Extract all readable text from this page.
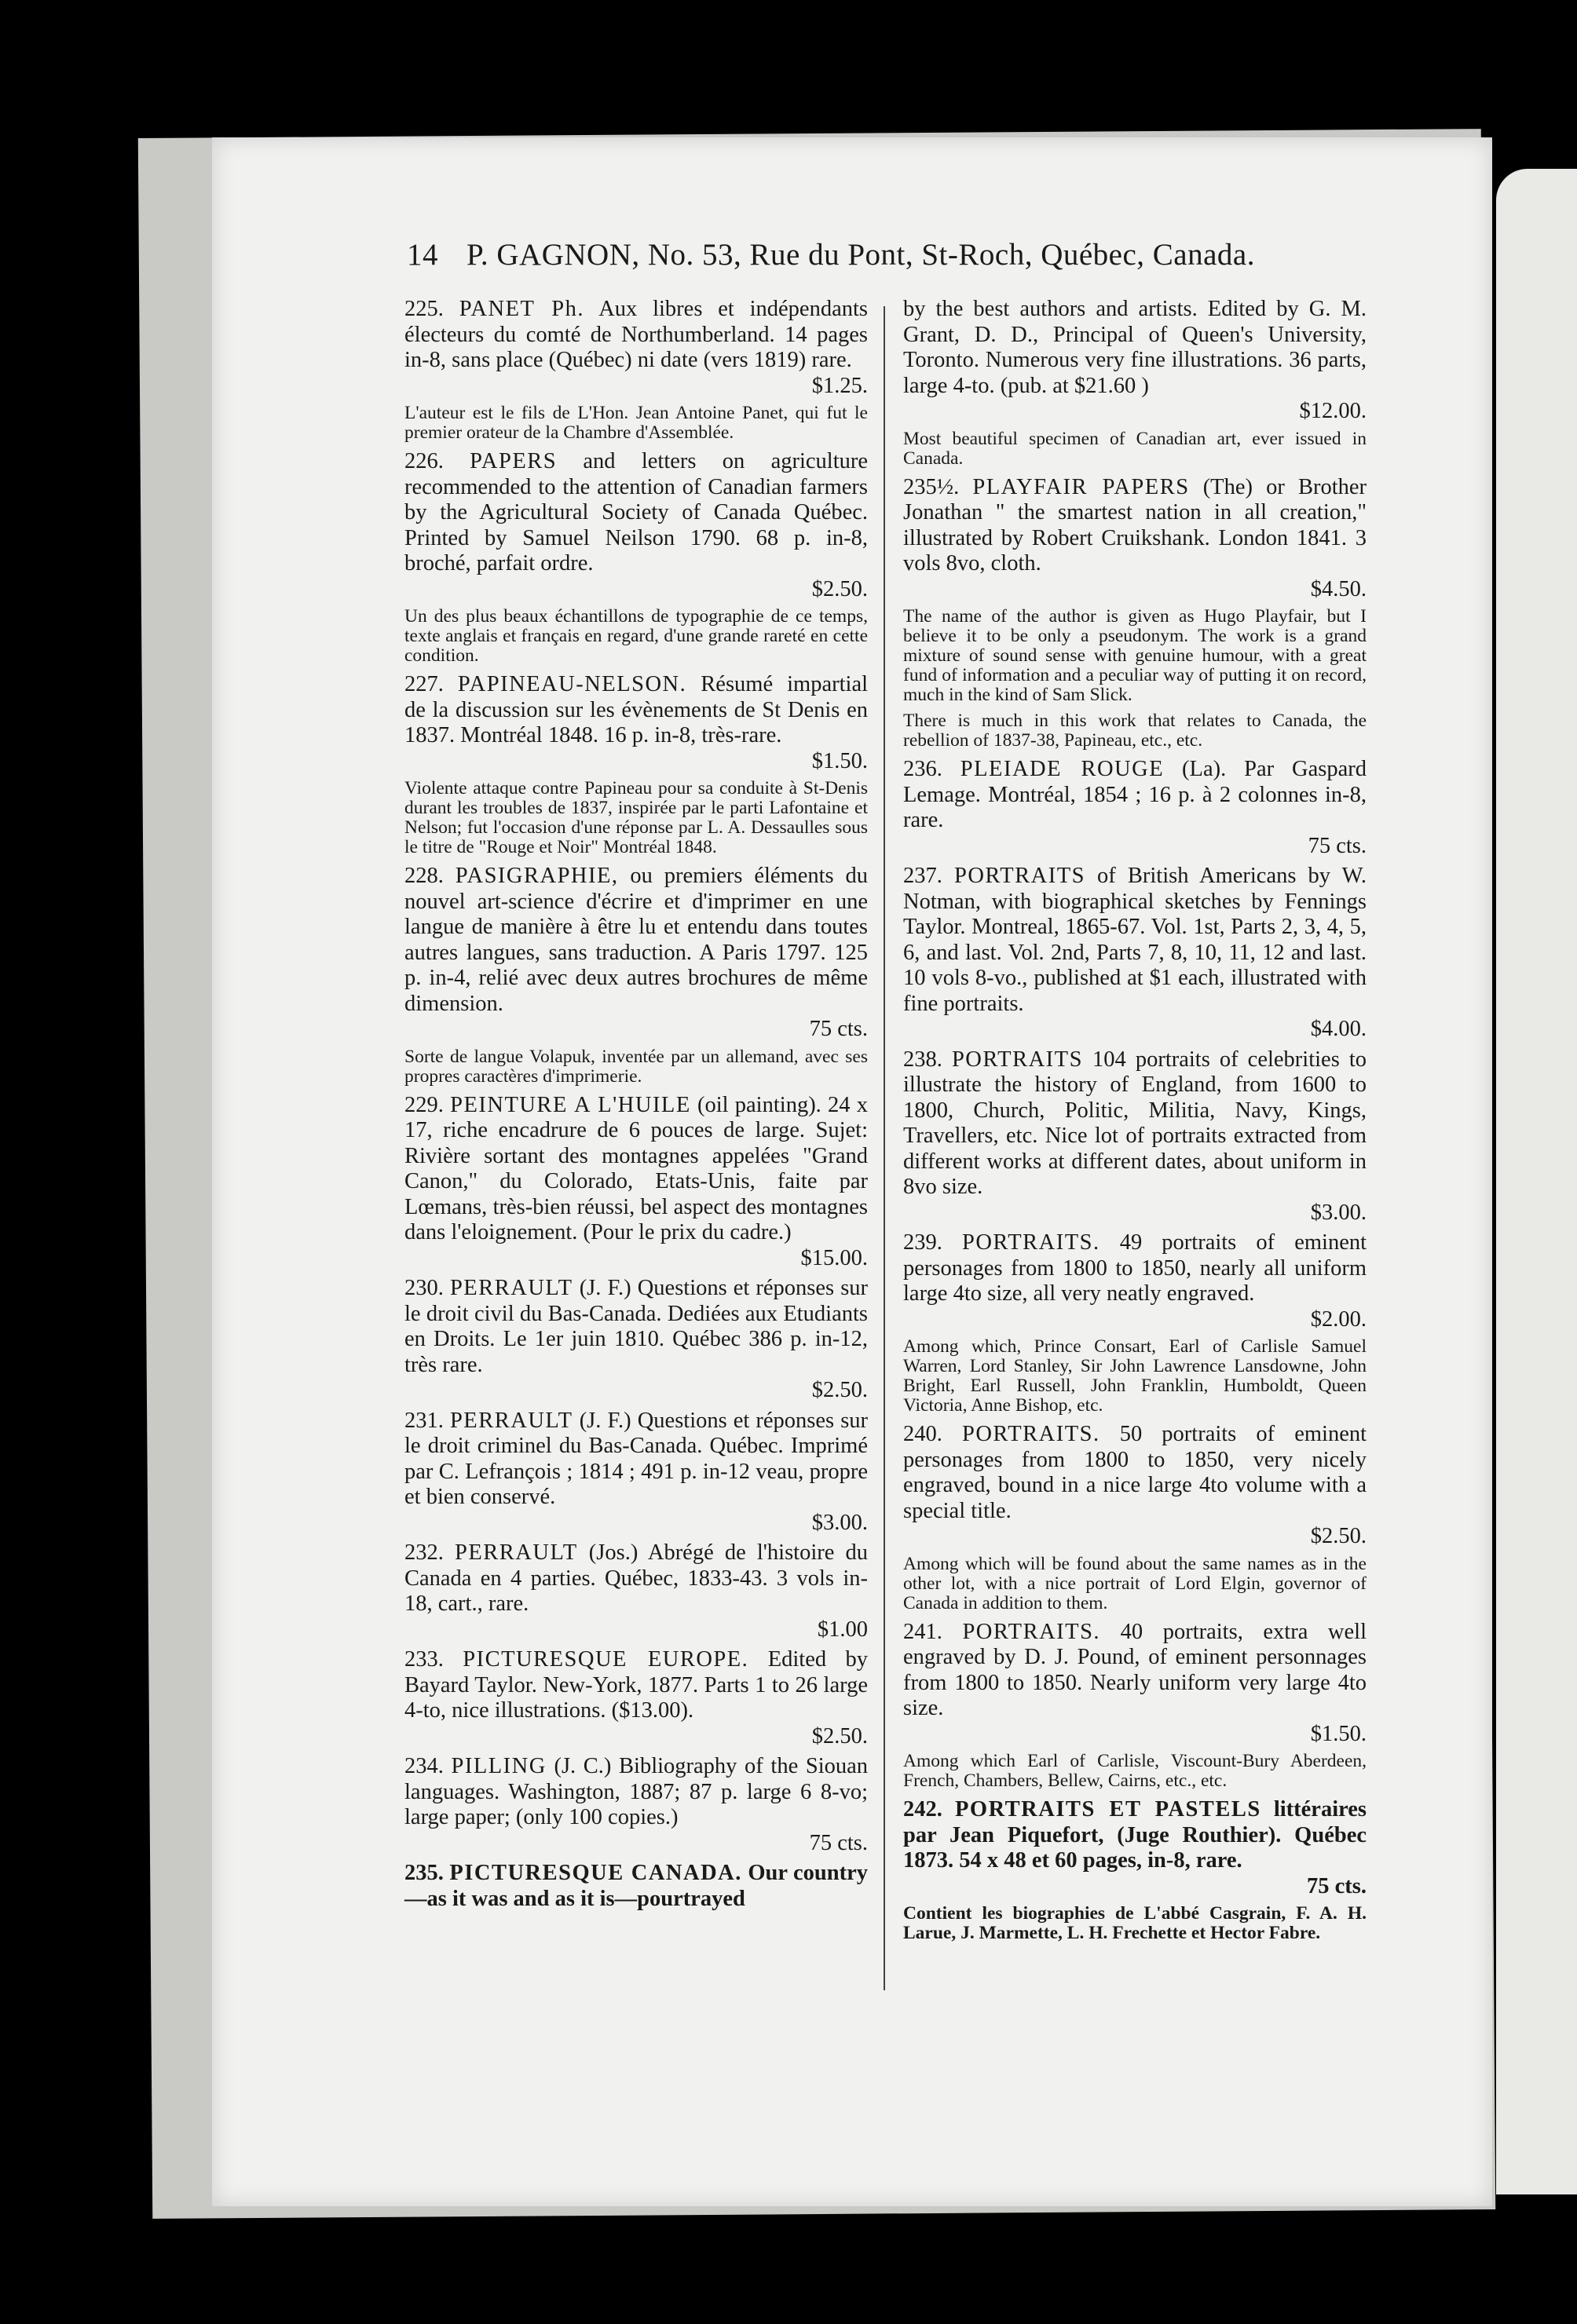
14 P. GAGNON, No. 53, Rue du Pont, St-Roch, Québec, Canada.

225. PANET Ph. Aux libres et indépendants électeurs du comté de Northumberland. 14 pages in-8, sans place (Québec) ni date (vers 1819) rare.
$1.25.

L'auteur est le fils de L'Hon. Jean Antoine Panet, qui fut le premier orateur de la Chambre d'Assemblée.

226. PAPERS and letters on agriculture recommended to the attention of Canadian farmers by the Agricultural Society of Canada Québec. Printed by Samuel Neilson 1790. 68 p. in-8, broché, parfait ordre.
$2.50.

Un des plus beaux échantillons de typographie de ce temps, texte anglais et français en regard, d'une grande rareté en cette condition.

227. PAPINEAU-NELSON. Résumé impartial de la discussion sur les évènements de St Denis en 1837. Montréal 1848. 16 p. in-8, très-rare.
$1.50.

Violente attaque contre Papineau pour sa conduite à St-Denis durant les troubles de 1837, inspirée par le parti Lafontaine et Nelson; fut l'occasion d'une réponse par L. A. Dessaulles sous le titre de "Rouge et Noir" Montréal 1848.

228. PASIGRAPHIE, ou premiers éléments du nouvel art-science d'écrire et d'imprimer en une langue de manière à être lu et entendu dans toutes autres langues, sans traduction. A Paris 1797. 125 p. in-4, relié avec deux autres brochures de même dimension.
75 cts.

Sorte de langue Volapuk, inventée par un allemand, avec ses propres caractères d'imprimerie.

229. PEINTURE A L'HUILE (oil painting). 24 x 17, riche encadrure de 6 pouces de large. Sujet: Rivière sortant des montagnes appelées "Grand Canon," du Colorado, Etats-Unis, faite par Lœmans, très-bien réussi, bel aspect des montagnes dans l'eloignement. (Pour le prix du cadre.)
$15.00.

230. PERRAULT (J. F.) Questions et réponses sur le droit civil du Bas-Canada. Dediées aux Etudiants en Droits. Le 1er juin 1810. Québec 386 p. in-12, très rare.
$2.50.

231. PERRAULT (J. F.) Questions et réponses sur le droit criminel du Bas-Canada. Québec. Imprimé par C. Lefrançois ; 1814 ; 491 p. in-12 veau, propre et bien conservé.
$3.00.

232. PERRAULT (Jos.) Abrégé de l'histoire du Canada en 4 parties. Québec, 1833-43. 3 vols in-18, cart., rare.
$1.00

233. PICTURESQUE EUROPE. Edited by Bayard Taylor. New-York, 1877. Parts 1 to 26 large 4-to, nice illustrations. ($13.00).
$2.50.

234. PILLING (J. C.) Bibliography of the Siouan languages. Washington, 1887; 87 p. large 6 8-vo; large paper; (only 100 copies.)
75 cts.

235. PICTURESQUE CANADA. Our country—as it was and as it is—pourtrayed

by the best authors and artists. Edited by G. M. Grant, D. D., Principal of Queen's University, Toronto. Numerous very fine illustrations. 36 parts, large 4-to. (pub. at $21.60 )
$12.00.

Most beautiful specimen of Canadian art, ever issued in Canada.

235½. PLAYFAIR PAPERS (The) or Brother Jonathan " the smartest nation in all creation," illustrated by Robert Cruikshank. London 1841. 3 vols 8vo, cloth.
$4.50.

The name of the author is given as Hugo Playfair, but I believe it to be only a pseudonym. The work is a grand mixture of sound sense with genuine humour, with a great fund of information and a peculiar way of putting it on record, much in the kind of Sam Slick.

There is much in this work that relates to Canada, the rebellion of 1837-38, Papineau, etc., etc.

236. PLEIADE ROUGE (La). Par Gaspard Lemage. Montréal, 1854 ; 16 p. à 2 colonnes in-8, rare.
75 cts.

237. PORTRAITS of British Americans by W. Notman, with biographical sketches by Fennings Taylor. Montreal, 1865-67. Vol. 1st, Parts 2, 3, 4, 5, 6, and last. Vol. 2nd, Parts 7, 8, 10, 11, 12 and last. 10 vols 8-vo., published at $1 each, illustrated with fine portraits.
$4.00.

238. PORTRAITS 104 portraits of celebrities to illustrate the history of England, from 1600 to 1800, Church, Politic, Militia, Navy, Kings, Travellers, etc. Nice lot of portraits extracted from different works at different dates, about uniform in 8vo size.
$3.00.

239. PORTRAITS. 49 portraits of eminent personages from 1800 to 1850, nearly all uniform large 4to size, all very neatly engraved.
$2.00.

Among which, Prince Consart, Earl of Carlisle Samuel Warren, Lord Stanley, Sir John Lawrence Lansdowne, John Bright, Earl Russell, John Franklin, Humboldt, Queen Victoria, Anne Bishop, etc.

240. PORTRAITS. 50 portraits of eminent personages from 1800 to 1850, very nicely engraved, bound in a nice large 4to volume with a special title.
$2.50.

Among which will be found about the same names as in the other lot, with a nice portrait of Lord Elgin, governor of Canada in addition to them.

241. PORTRAITS. 40 portraits, extra well engraved by D. J. Pound, of eminent personnages from 1800 to 1850. Nearly uniform very large 4to size.
$1.50.

Among which Earl of Carlisle, Viscount-Bury Aberdeen, French, Chambers, Bellew, Cairns, etc., etc.

242. PORTRAITS ET PASTELS littéraires par Jean Piquefort, (Juge Routhier). Québec 1873. 54 x 48 et 60 pages, in-8, rare.
75 cts.

Contient les biographies de L'abbé Casgrain, F. A. H. Larue, J. Marmette, L. H. Frechette et Hector Fabre.
